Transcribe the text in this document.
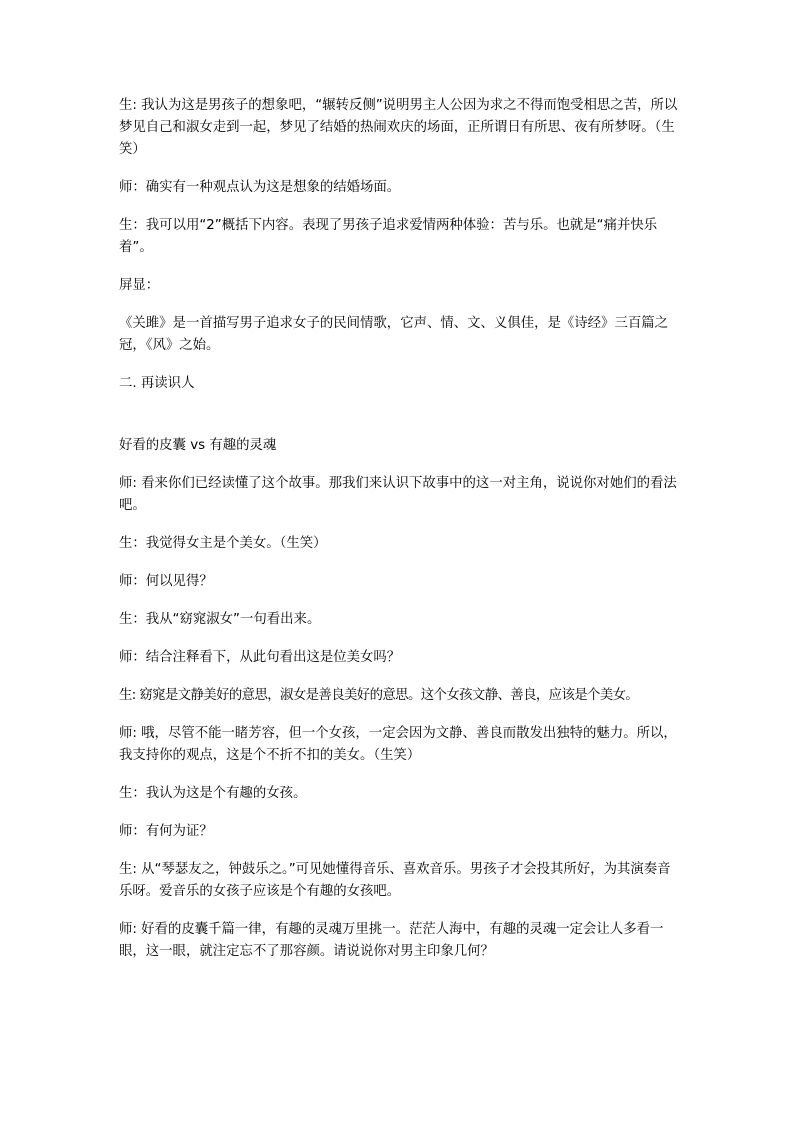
生: 我认为这是男孩子的想象吧，“辗转反侧”说明男主人公因为求之不得而饱受相思之苦，所以梦见自己和淑女走到一起，梦见了结婚的热闹欢庆的场面，正所谓日有所思、夜有所梦呀。（生笑）

师：确实有一种观点认为这是想象的结婚场面。

生：我可以用“2”概括下内容。表现了男孩子追求爱情两种体验：苦与乐。也就是“痛并快乐着”。

屏显：

《关雎》是一首描写男子追求女子的民间情歌，它声、情、文、义俱佳，是《诗经》三百篇之冠，《风》之始。

二. 再读识人

好看的皮囊 vs 有趣的灵魂

师: 看来你们已经读懂了这个故事。那我们来认识下故事中的这一对主角，说说你对她们的看法吧。

生：我觉得女主是个美女。（生笑）

师：何以见得？

生：我从“窈窕淑女”一句看出来。

师：结合注释看下，从此句看出这是位美女吗？

生: 窈窕是文静美好的意思，淑女是善良美好的意思。这个女孩文静、善良，应该是个美女。

师: 哦，尽管不能一睹芳容，但一个女孩，一定会因为文静、善良而散发出独特的魅力。所以，我支持你的观点，这是个不折不扣的美女。（生笑）

生：我认为这是个有趣的女孩。

师：有何为证？

生: 从“琴瑟友之，钟鼓乐之。”可见她懂得音乐、喜欢音乐。男孩子才会投其所好，为其演奏音乐呀。爱音乐的女孩子应该是个有趣的女孩吧。

师: 好看的皮囊千篇一律，有趣的灵魂万里挑一。茫茫人海中，有趣的灵魂一定会让人多看一眼，这一眼，就注定忘不了那容颜。请说说你对男主印象几何？
